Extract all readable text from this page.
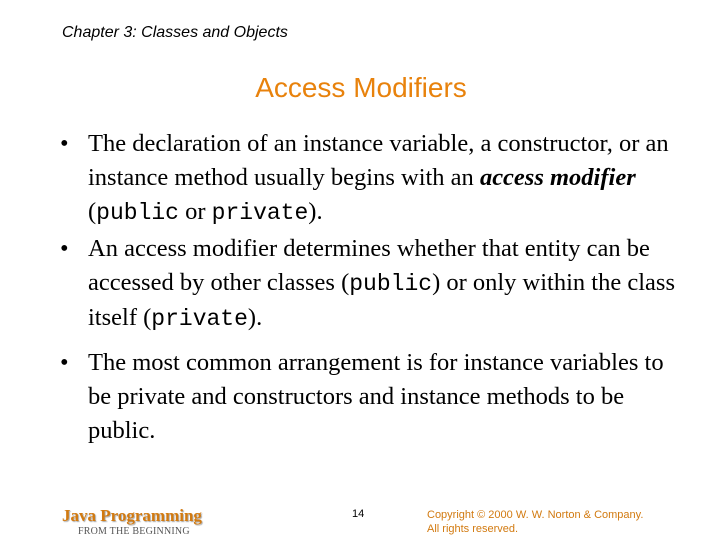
Chapter 3: Classes and Objects
Access Modifiers
• The declaration of an instance variable, a constructor, or an instance method usually begins with an access modifier (public or private).
• An access modifier determines whether that entity can be accessed by other classes (public) or only within the class itself (private).
• The most common arrangement is for instance variables to be private and constructors and instance methods to be public.
Java Programming
FROM THE BEGINNING
14	Copyright © 2000 W. W. Norton & Company.
All rights reserved.
